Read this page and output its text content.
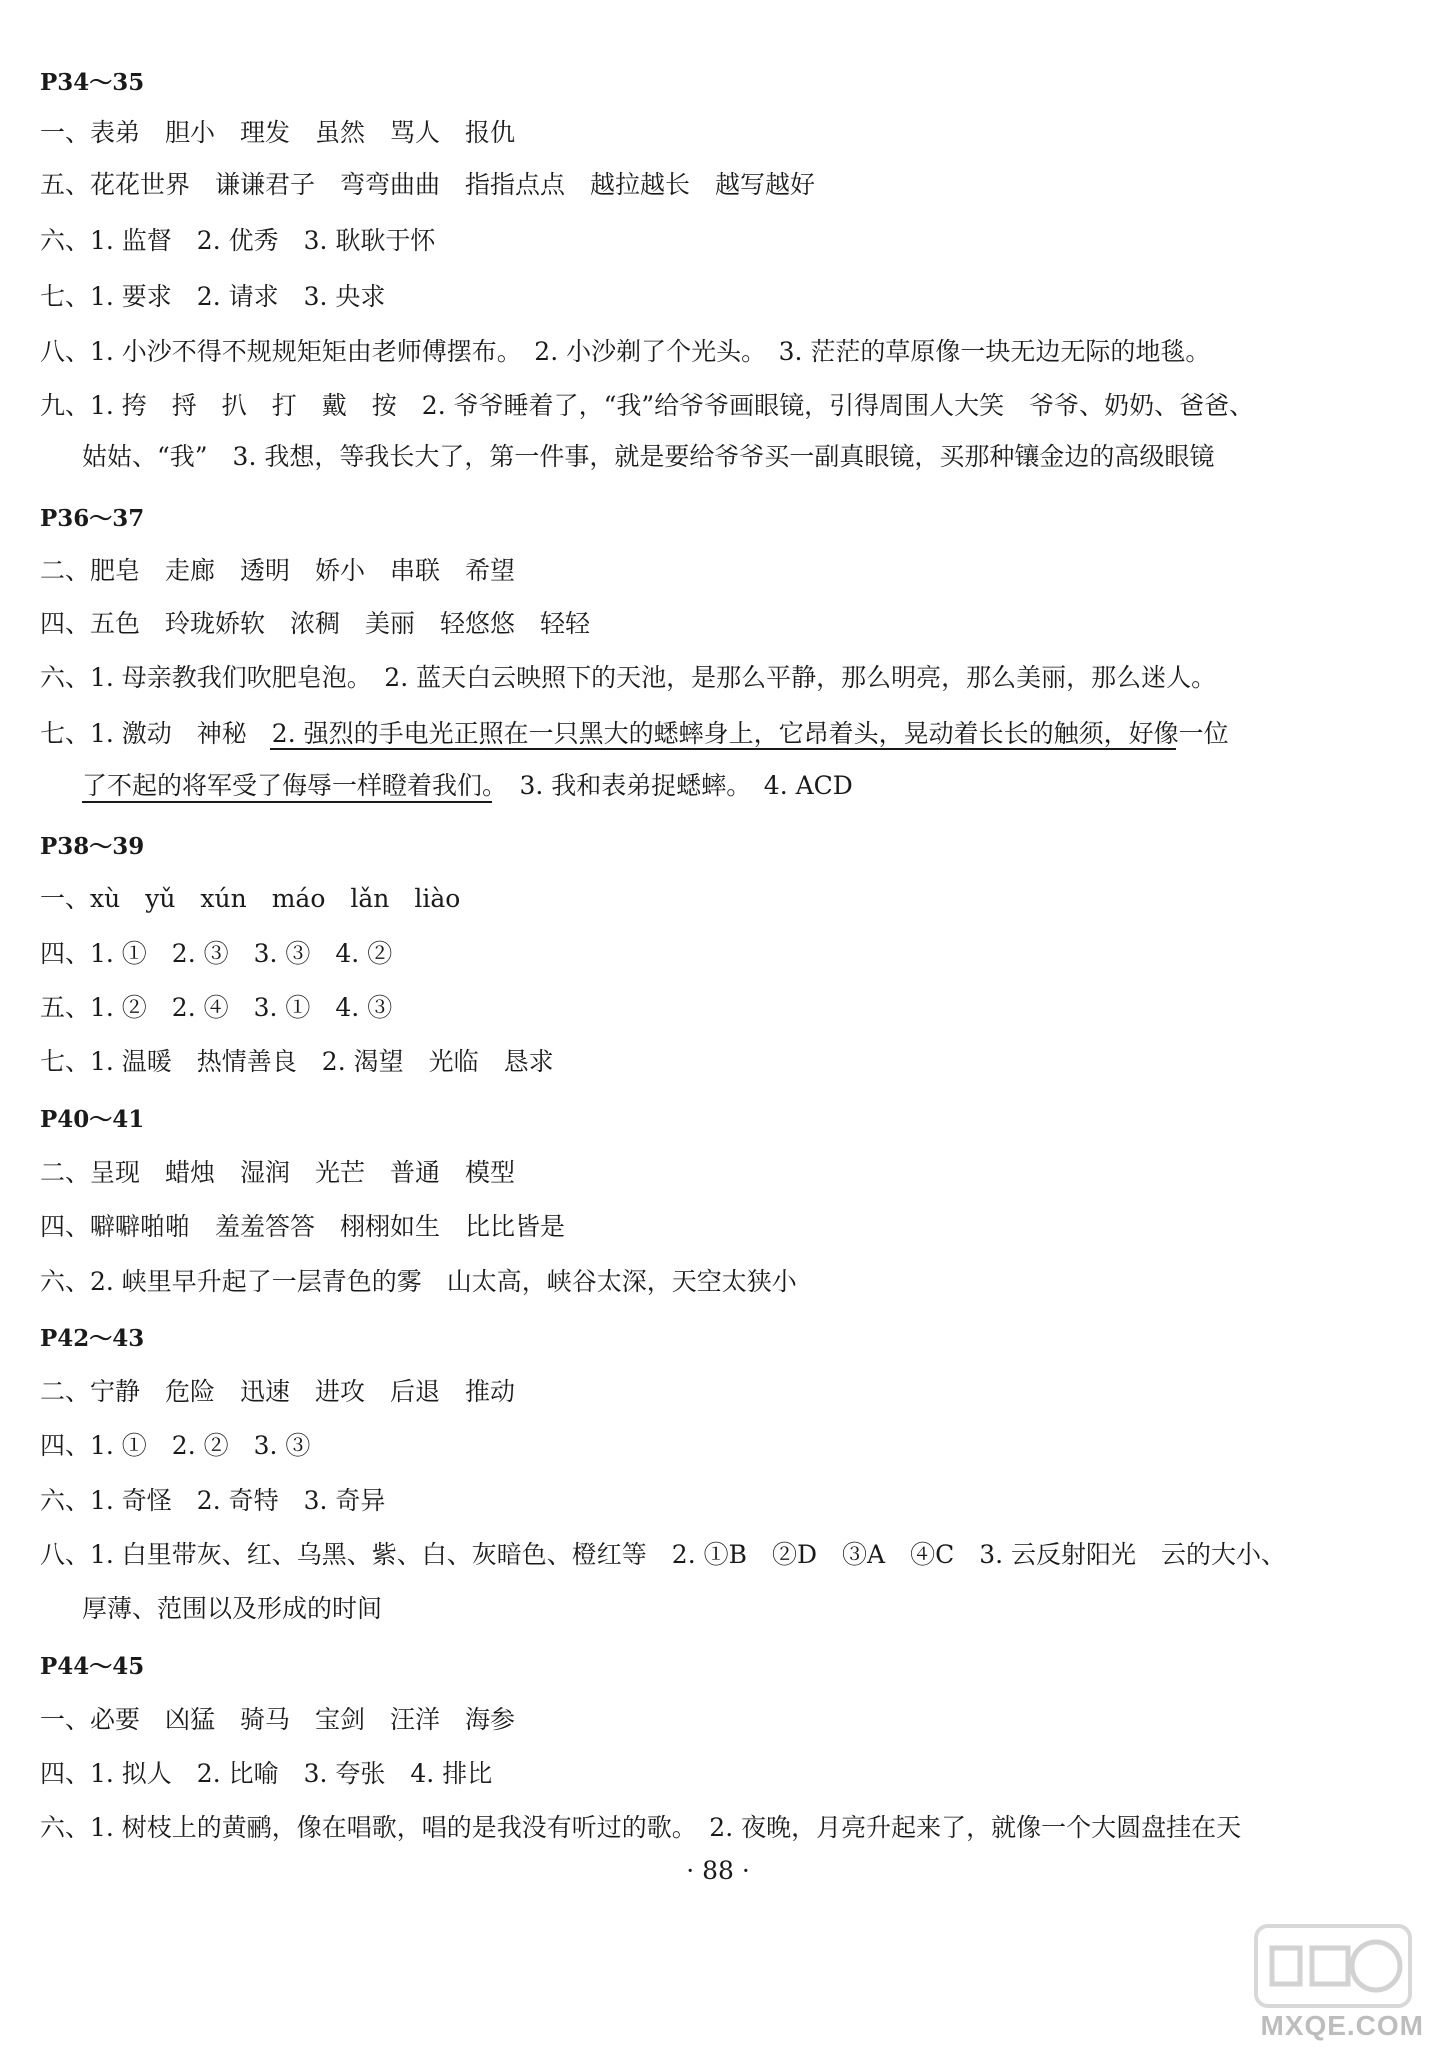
P34～35
一、表弟　胆小　理发　虽然　骂人　报仇
五、花花世界　谦谦君子　弯弯曲曲　指指点点　越拉越长　越写越好
六、1. 监督　2. 优秀　3. 耿耿于怀
七、1. 要求　2. 请求　3. 央求
八、1. 小沙不得不规规矩矩由老师傅摆布。　2. 小沙剃了个光头。　3. 茫茫的草原像一块无边无际的地毯。
九、1. 挎　捋　扒　打　戴　按　2. 爷爷睡着了，“我”给爷爷画眼镜，引得周围人大笑　爷爷、奶奶、爸爸、
姑姑、“我”　3. 我想，等我长大了，第一件事，就是要给爷爷买一副真眼镜，买那种镶金边的高级眼镜
P36～37
二、肥皂　走廊　透明　娇小　串联　希望
四、五色　玲珑娇软　浓稠　美丽　轻悠悠　轻轻
六、1. 母亲教我们吹肥皂泡。　2. 蓝天白云映照下的天池，是那么平静，那么明亮，那么美丽，那么迷人。
七、1. 激动　神秘　2. 强烈的手电光正照在一只黑大的蟋蟀身上，它昂着头，晃动着长长的触须，好像一位
了不起的将军受了侮辱一样瞪着我们。　3. 我和表弟捉蟋蟀。　4. ACD
P38～39
一、xù　yǔ　xún　máo　lǎn　liào
四、1. ①　2. ③　3. ③　4. ②
五、1. ②　2. ④　3. ①　4. ③
七、1. 温暖　热情善良　2. 渴望　光临　恳求
P40～41
二、呈现　蜡烛　湿润　光芒　普通　模型
四、噼噼啪啪　羞羞答答　栩栩如生　比比皆是
六、2. 峡里早升起了一层青色的雾　山太高，峡谷太深，天空太狭小
P42～43
二、宁静　危险　迅速　进攻　后退　推动
四、1. ①　2. ②　3. ③
六、1. 奇怪　2. 奇特　3. 奇异
八、1. 白里带灰、红、乌黑、紫、白、灰暗色、橙红等　2. ①B　②D　③A　④C　3. 云反射阳光　云的大小、
厚薄、范围以及形成的时间
P44～45
一、必要　凶猛　骑马　宝剑　汪洋　海参
四、1. 拟人　2. 比喻　3. 夸张　4. 排比
六、1. 树枝上的黄鹂，像在唱歌，唱的是我没有听过的歌。　2. 夜晚，月亮升起来了，就像一个大圆盘挂在天
· 88 ·
MXQE.COM
